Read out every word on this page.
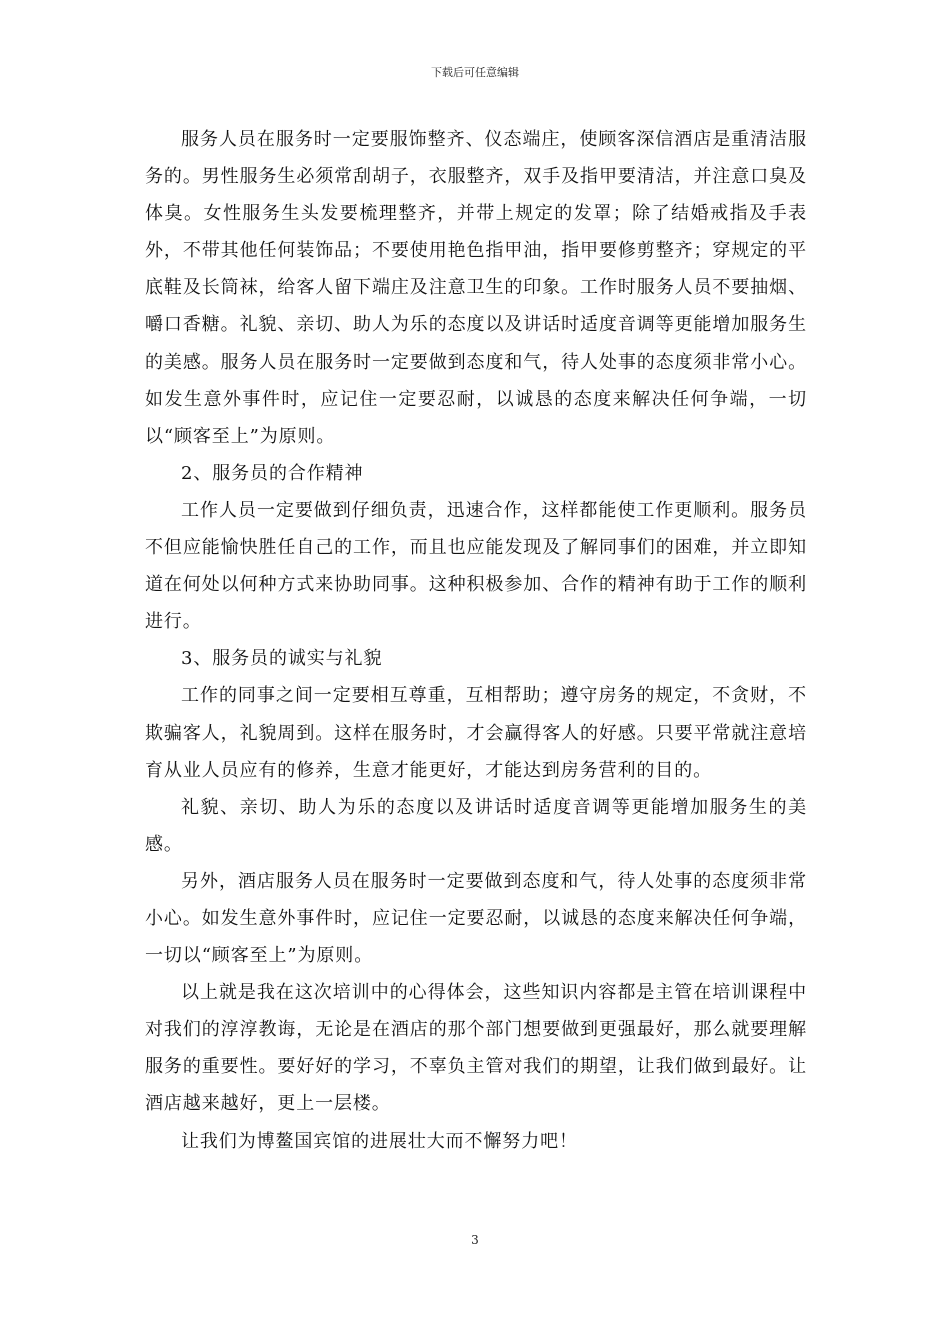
下载后可任意编辑

服务人员在服务时一定要服饰整齐、仪态端庄，使顾客深信酒店是重清洁服务的。男性服务生必须常刮胡子，衣服整齐，双手及指甲要清洁，并注意口臭及体臭。女性服务生头发要梳理整齐，并带上规定的发罩；除了结婚戒指及手表外，不带其他任何装饰品；不要使用艳色指甲油，指甲要修剪整齐；穿规定的平底鞋及长筒袜，给客人留下端庄及注意卫生的印象。工作时服务人员不要抽烟、嚼口香糖。礼貌、亲切、助人为乐的态度以及讲话时适度音调等更能增加服务生的美感。服务人员在服务时一定要做到态度和气，待人处事的态度须非常小心。如发生意外事件时，应记住一定要忍耐，以诚恳的态度来解决任何争端，一切以“顾客至上”为原则。

2、服务员的合作精神

工作人员一定要做到仔细负责，迅速合作，这样都能使工作更顺利。服务员不但应能愉快胜任自己的工作，而且也应能发现及了解同事们的困难，并立即知道在何处以何种方式来协助同事。这种积极参加、合作的精神有助于工作的顺利进行。

3、服务员的诚实与礼貌

工作的同事之间一定要相互尊重，互相帮助；遵守房务的规定，不贪财，不欺骗客人，礼貌周到。这样在服务时，才会赢得客人的好感。只要平常就注意培育从业人员应有的修养，生意才能更好，才能达到房务营利的目的。

礼貌、亲切、助人为乐的态度以及讲话时适度音调等更能增加服务生的美感。

另外，酒店服务人员在服务时一定要做到态度和气，待人处事的态度须非常小心。如发生意外事件时，应记住一定要忍耐，以诚恳的态度来解决任何争端，一切以“顾客至上”为原则。

以上就是我在这次培训中的心得体会，这些知识内容都是主管在培训课程中对我们的淳淳教诲，无论是在酒店的那个部门想要做到更强最好，那么就要理解服务的重要性。要好好的学习，不辜负主管对我们的期望，让我们做到最好。让酒店越来越好，更上一层楼。

让我们为博鳌国宾馆的进展壮大而不懈努力吧！

3
